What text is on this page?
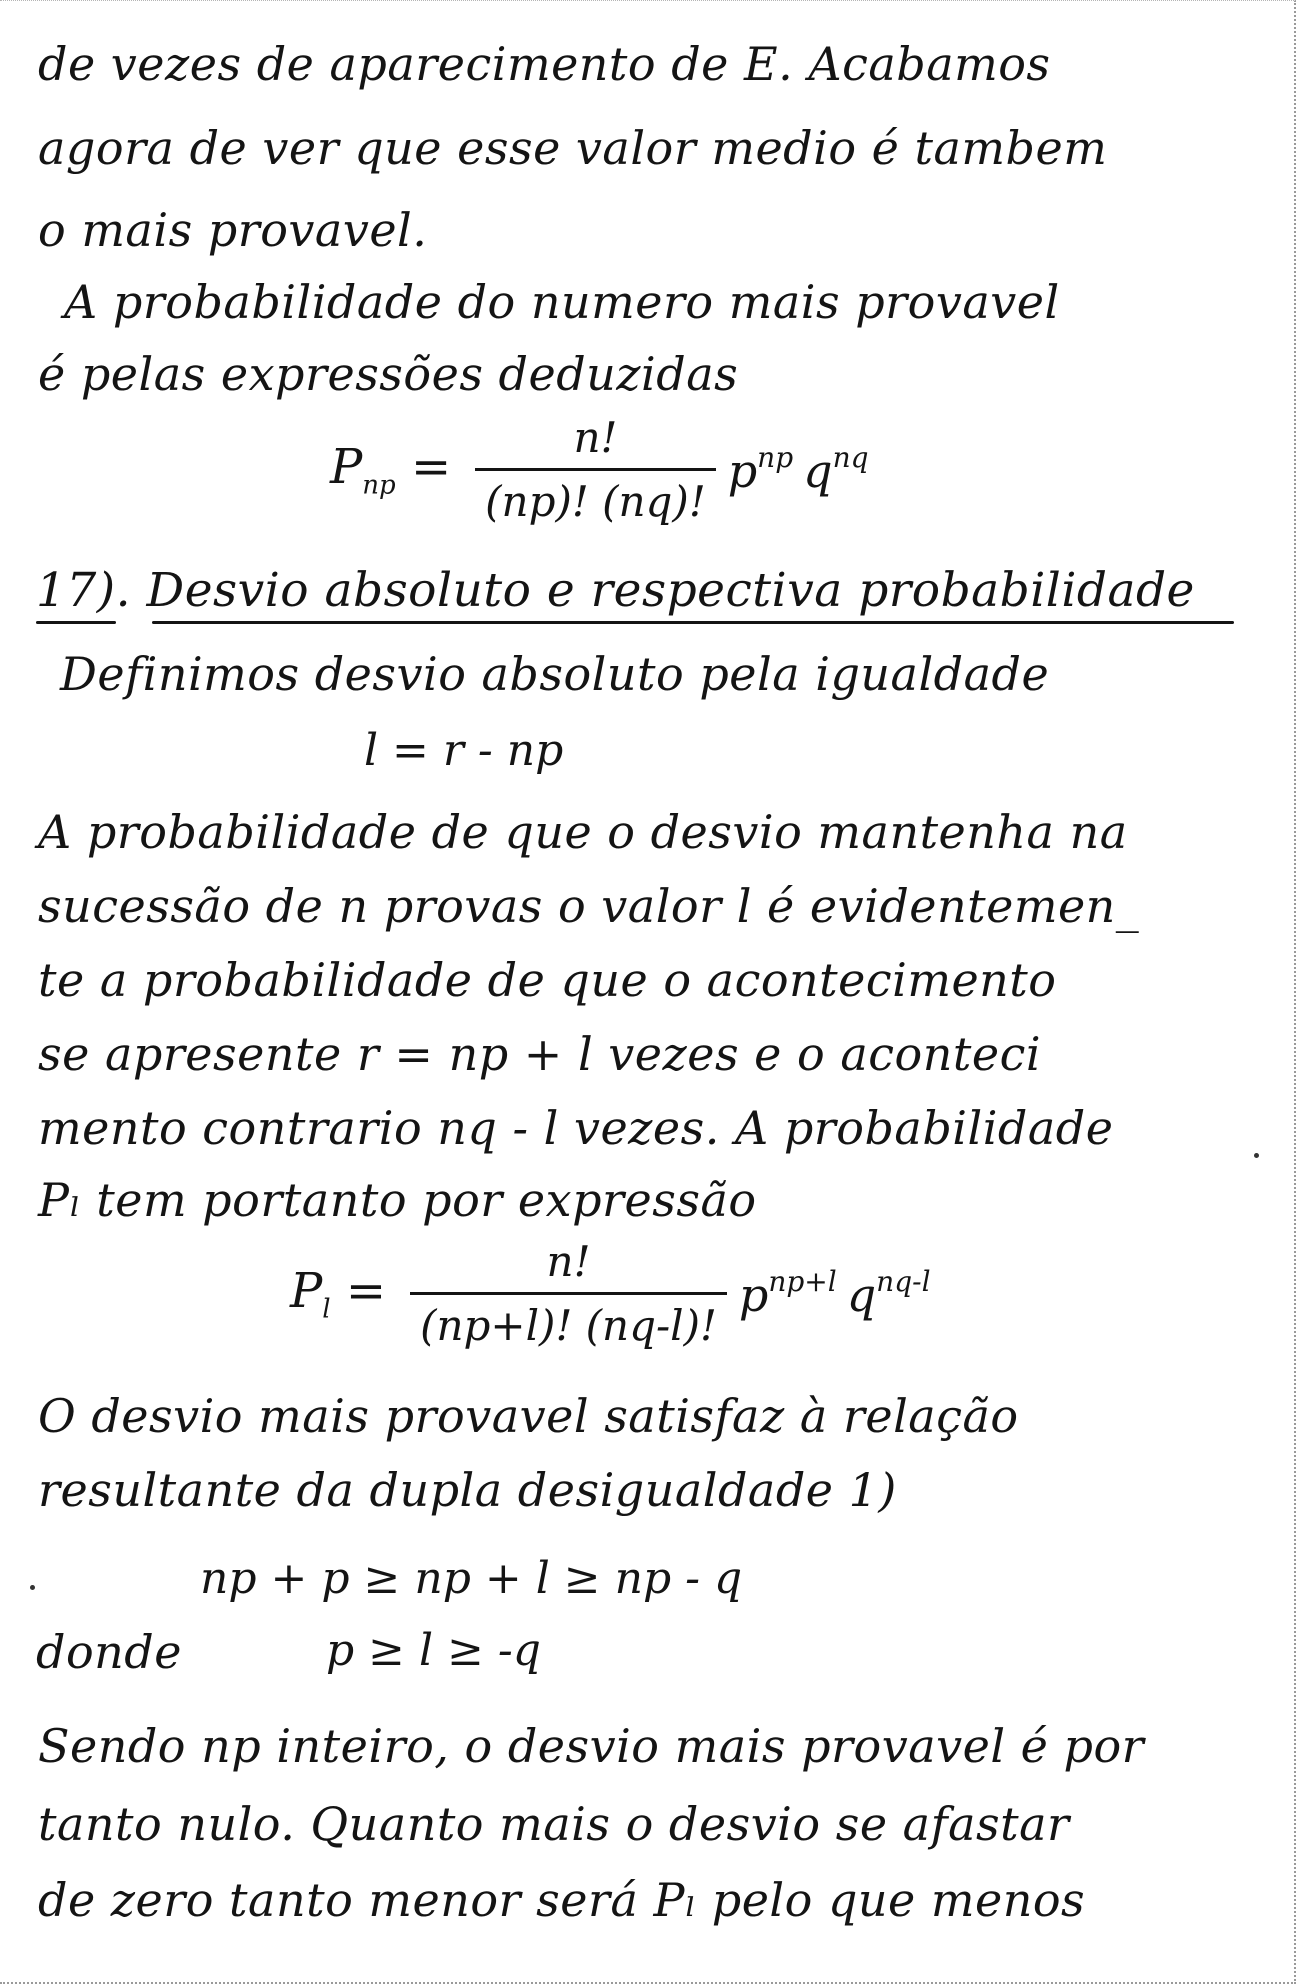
de vezes de aparecimento de E. Acabamos
agora de ver que esse valor medio é tambem
o mais provavel.
A probabilidade do numero mais provavel
é pelas expressões deduzidas
$P_{np} = \frac{n!}{(np)! (nq)!} p^{np}$ $q^{nq}$
17). Desvio absoluto e respectiva probabilidade
Definimos desvio absoluto pela igualdade
l = r - np
A probabilidade de que o desvio mantenha na
sucessão de n provas o valor l é evidentemen_
te a probabilidade de que o acontecimento
se apresente r = np + l vezes e o aconteci
mento contrario nq - l vezes. A probabilidade
Pₗ tem portanto por expressão
$P_l = \frac{n!}{(np+l)! (nq-l)!} p^{np+l}$ $q^{nq-l}$
O desvio mais provavel satisfaz à relação
resultante da dupla desigualdade 1)
np + p ≥ np + l ≥ np - q
donde	p ≥ l ≥ -q
Sendo np inteiro, o desvio mais provavel é por
tanto nulo. Quanto mais o desvio se afastar
de zero tanto menor será Pₗ pelo que menos
